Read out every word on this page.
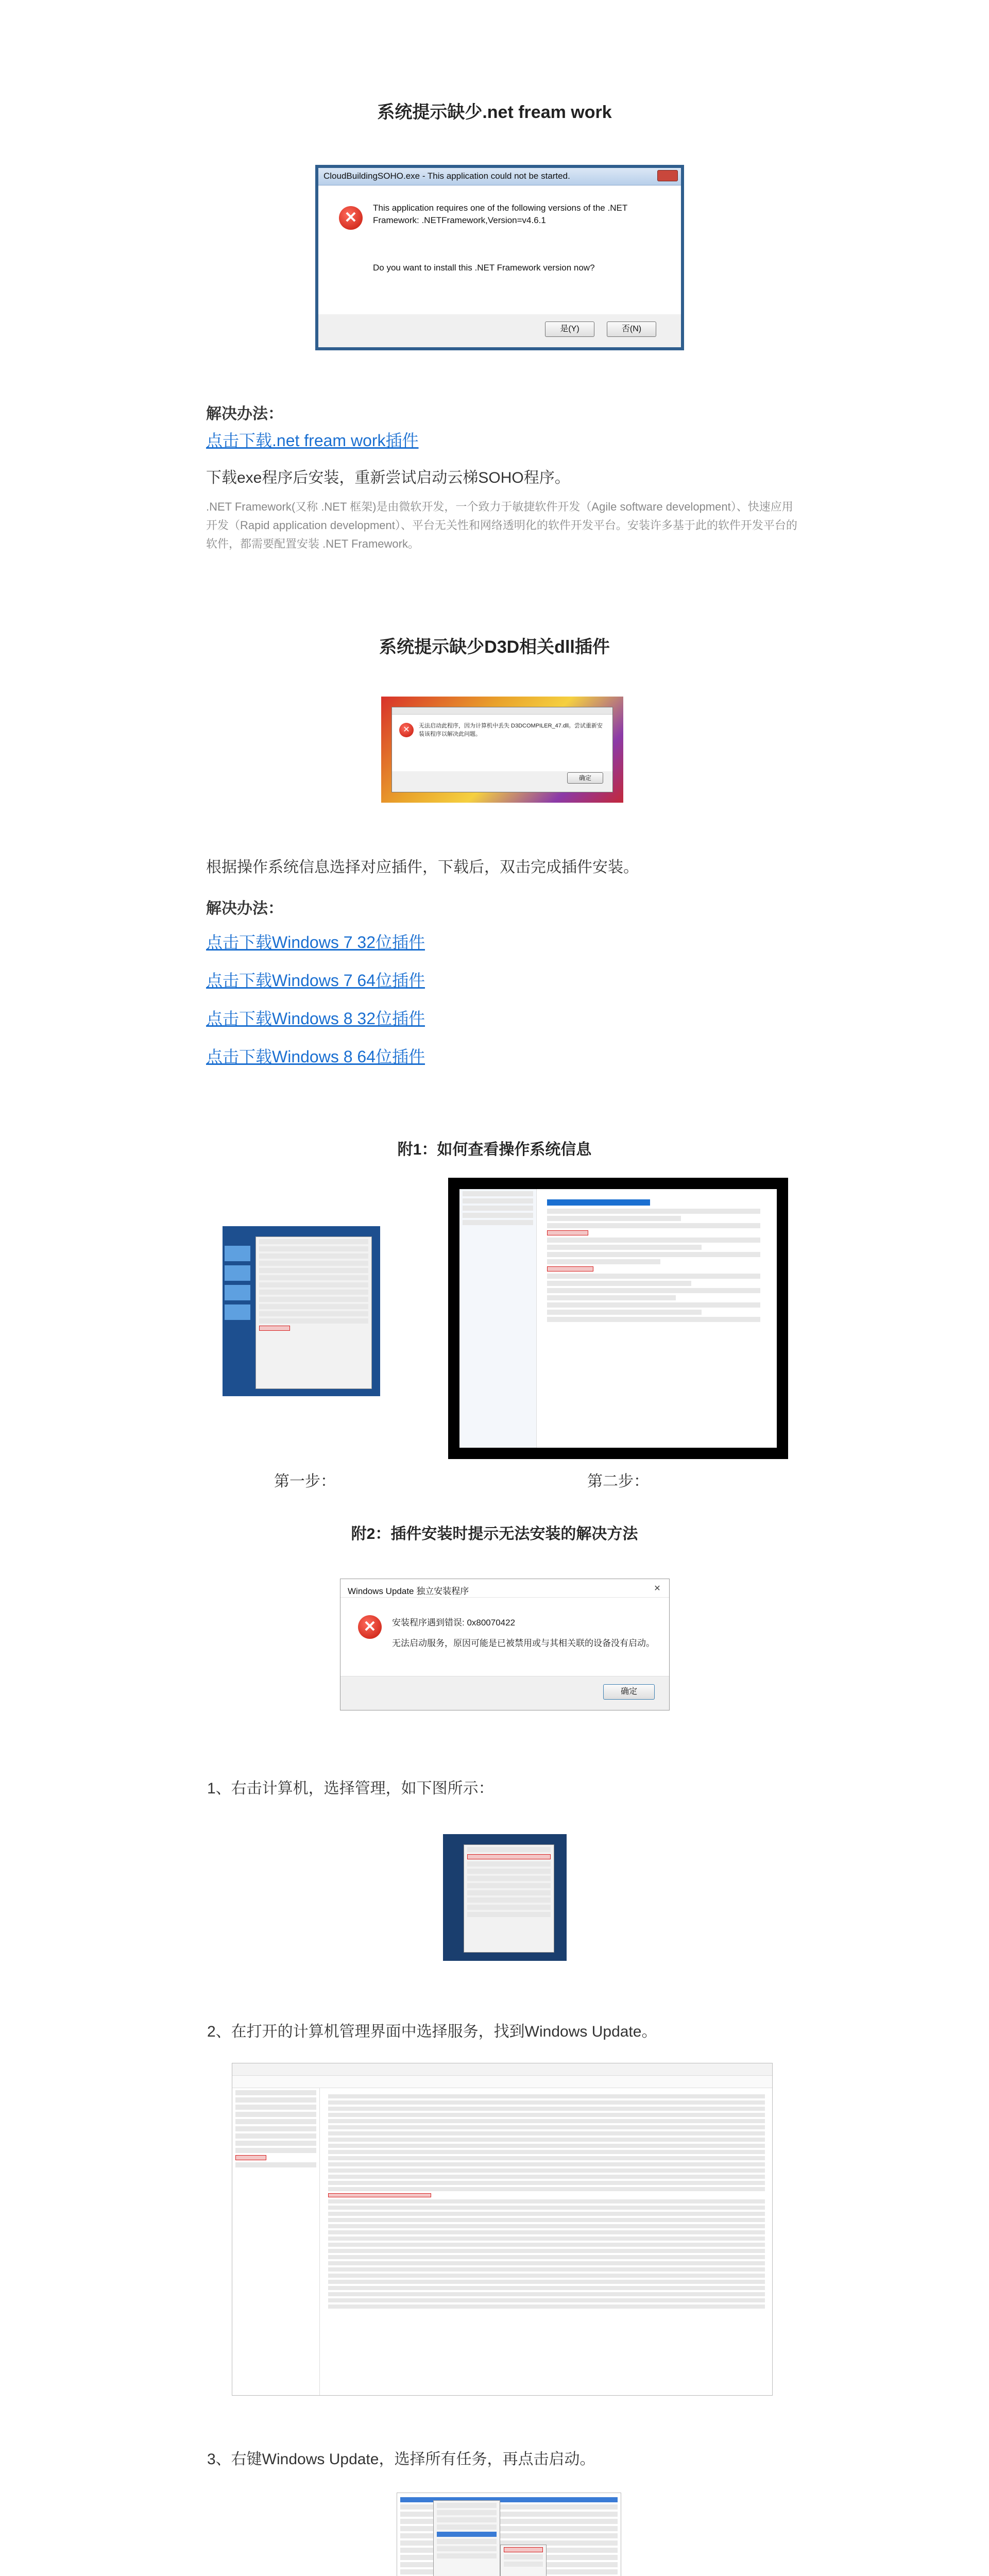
系统提示缺少.net fream work
CloudBuildingSOHO.exe - This application could not be started.
✕
This application requires one of the following versions of the .NET Framework: .NETFramework,Version=v4.6.1
Do you want to install this .NET Framework version now?
是(Y)	否(N)
解决办法：
点击下载.net fream work插件
下载exe程序后安装，重新尝试启动云梯SOHO程序。
.NET Framework(又称 .NET 框架)是由微软开发，一个致力于敏捷软件开发（Agile software development）、快速应用开发（Rapid application development）、平台无关性和网络透明化的软件开发平台。安装许多基于此的软件开发平台的软件，都需要配置安装 .NET Framework。
系统提示缺少D3D相关dll插件
✕	无法启动此程序，因为计算机中丢失 D3DCOMPILER_47.dll。尝试重新安装该程序以解决此问题。
确定
根据操作系统信息选择对应插件，下载后，双击完成插件安装。
解决办法：
点击下载Windows 7 32位插件
点击下载Windows 7 64位插件
点击下载Windows 8 32位插件
点击下载Windows 8 64位插件
附1：如何查看操作系统信息
第一步：	第二步：
附2：插件安装时提示无法安装的解决方法
Windows Update 独立安装程序	✕
✕	安装程序遇到错误: 0x80070422
无法启动服务，原因可能是已被禁用或与其相关联的设备没有启动。
确定
1、右击计算机，选择管理，如下图所示：
2、在打开的计算机管理界面中选择服务，找到Windows Update。
3、右键Windows Update，选择所有任务，再点击启动。
